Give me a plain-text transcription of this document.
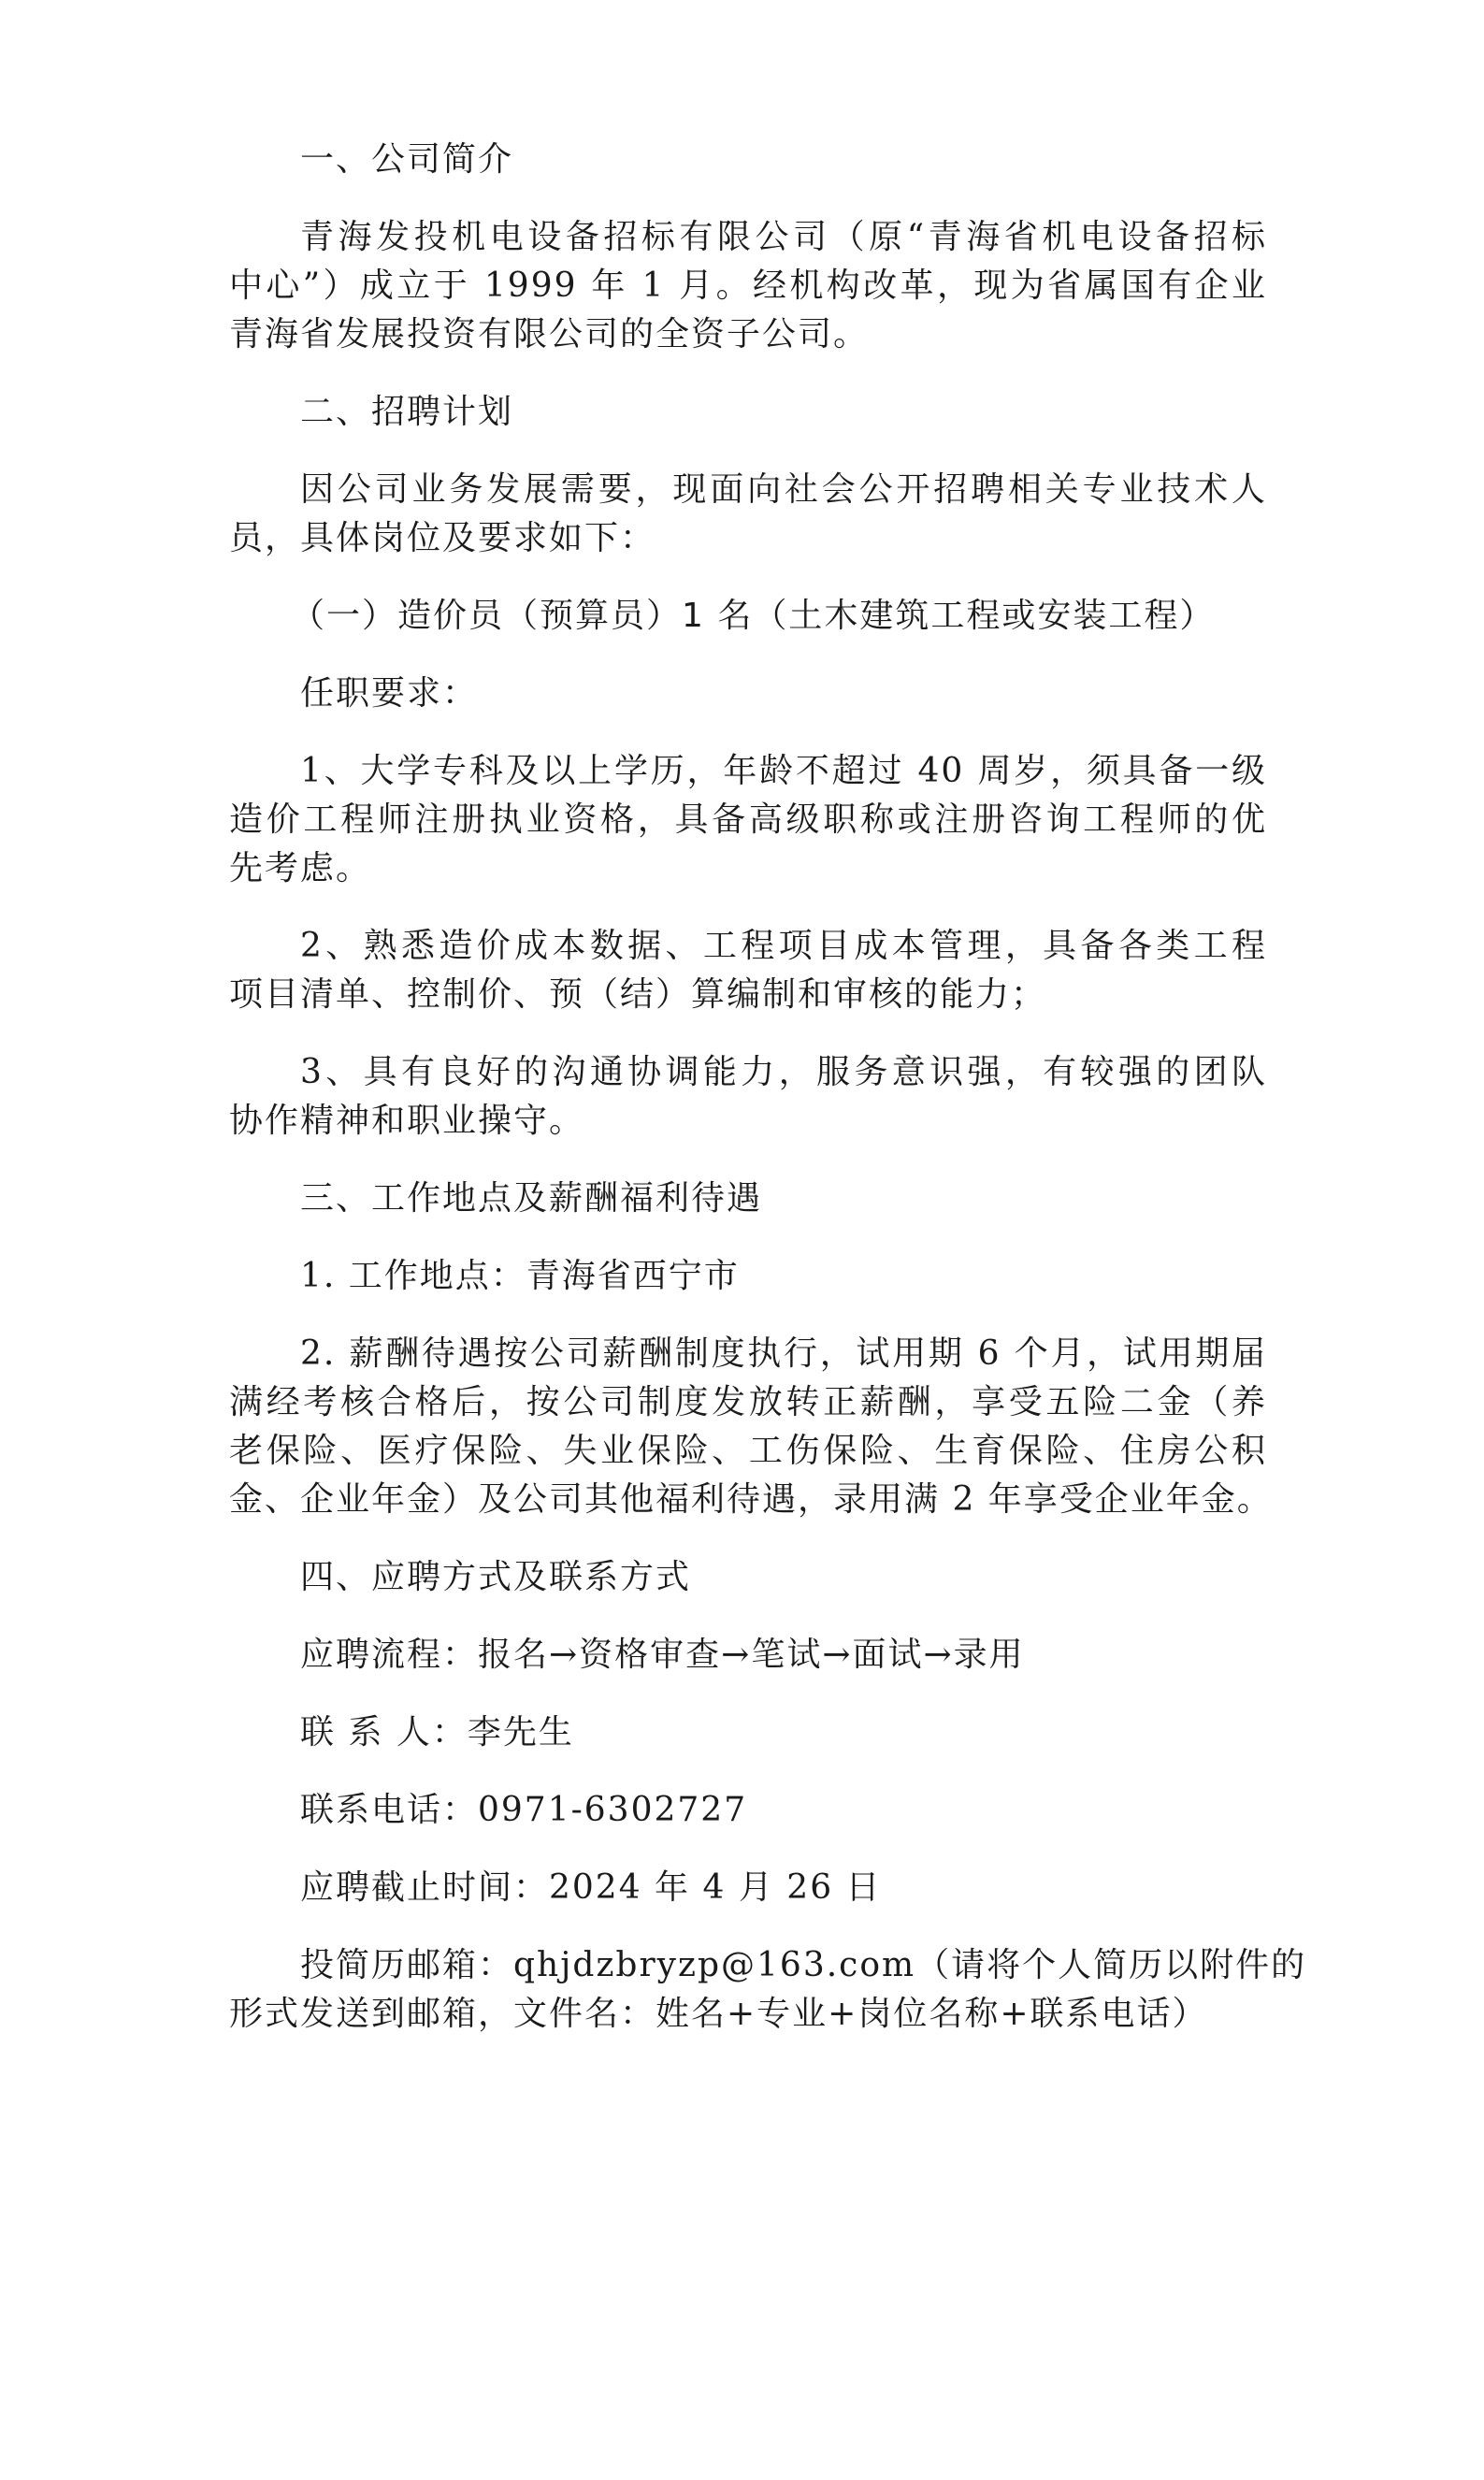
一、公司简介

青海发投机电设备招标有限公司（原“青海省机电设备招标

中心”）成立于 1999 年 1 月。经机构改革，现为省属国有企业

青海省发展投资有限公司的全资子公司。

二、招聘计划

因公司业务发展需要，现面向社会公开招聘相关专业技术人

员，具体岗位及要求如下：

（一）造价员（预算员）1 名（土木建筑工程或安装工程）

任职要求：

1、大学专科及以上学历，年龄不超过 40 周岁，须具备一级

造价工程师注册执业资格，具备高级职称或注册咨询工程师的优

先考虑。

2、熟悉造价成本数据、工程项目成本管理，具备各类工程

项目清单、控制价、预（结）算编制和审核的能力；

3、具有良好的沟通协调能力，服务意识强，有较强的团队

协作精神和职业操守。

三、工作地点及薪酬福利待遇

1. 工作地点：青海省西宁市

2. 薪酬待遇按公司薪酬制度执行，试用期 6 个月，试用期届

满经考核合格后，按公司制度发放转正薪酬，享受五险二金（养

老保险、医疗保险、失业保险、工伤保险、生育保险、住房公积

金、企业年金）及公司其他福利待遇，录用满 2 年享受企业年金。

四、应聘方式及联系方式

应聘流程：报名→资格审查→笔试→面试→录用

联 系 人：李先生

联系电话：0971-6302727

应聘截止时间：2024 年 4 月 26 日

投简历邮箱：qhjdzbryzp@163.com（请将个人简历以附件的

形式发送到邮箱，文件名：姓名+专业+岗位名称+联系电话）
